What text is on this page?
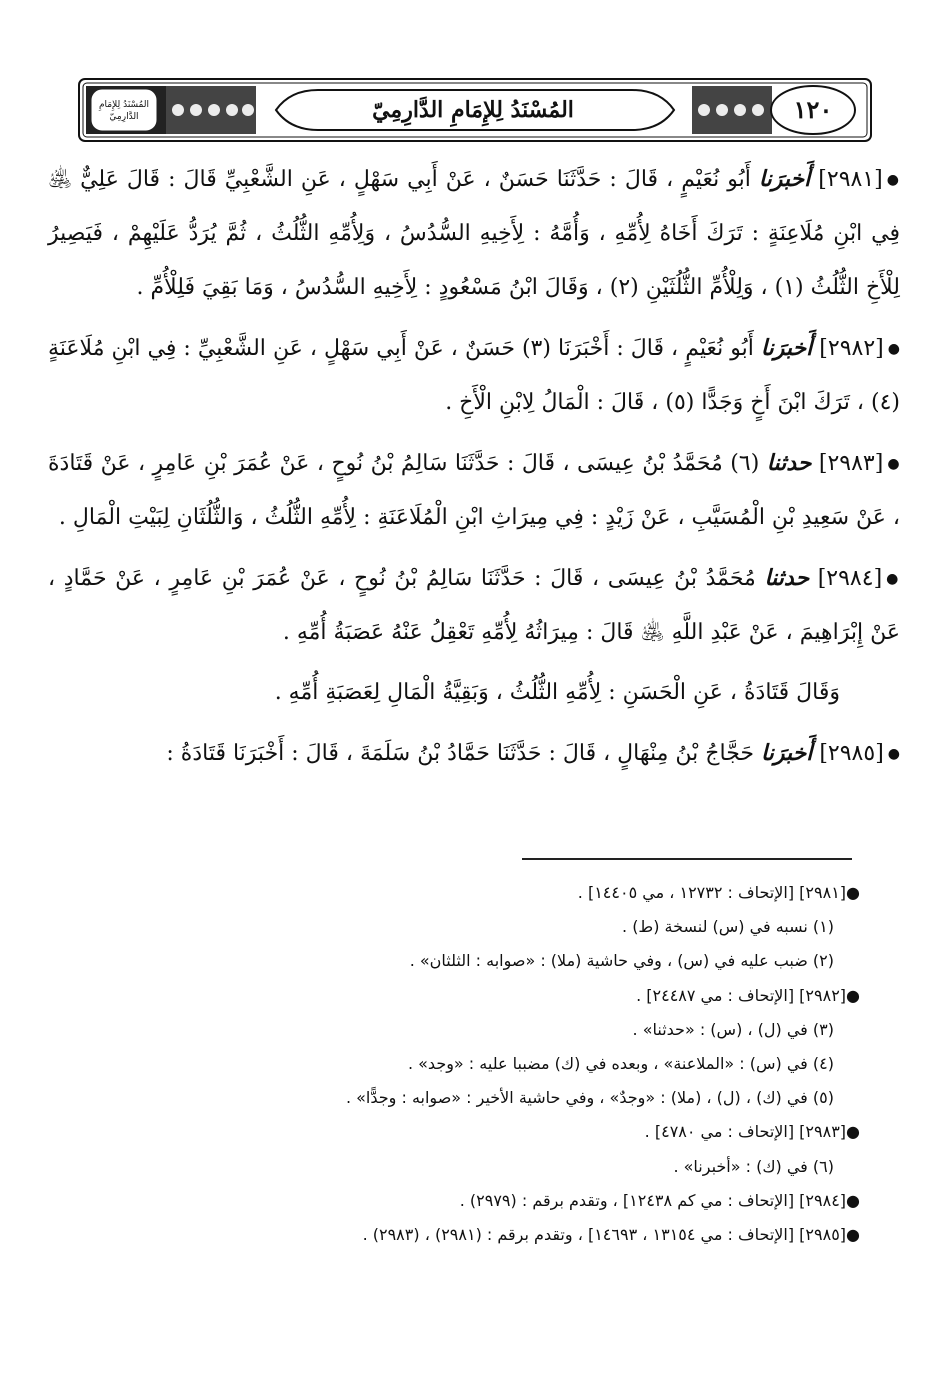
المُسْنَدُ لِلإِمَامِ الدَّارِمِيّ	المُسْنَدُ لِلإِمَامِ الدَّارِمِيّ	١٢٠

●[٢٩٨١] أَخبرَنا أَبُو نُعَيْمٍ ، قَالَ : حَدَّثَنَا حَسَنٌ ، عَنْ أَبِي سَهْلٍ ، عَنِ الشَّعْبِيِّ قَالَ : قَالَ عَلِيٌّ ﵁ فِي ابْنِ مُلَاعِنَةٍ : تَرَكَ أَخَاهُ لِأُمِّهِ ، وَأُمَّهُ : لِأَخِيهِ السُّدُسُ ، وَلِأُمِّهِ الثُّلُثُ ، ثُمَّ يُرَدُّ عَلَيْهِمْ ، فَيَصِيرُ لِلْأَخِ الثُّلُثُ (١) ، وَلِلْأُمِّ الثُّلُثَيْنِ (٢) ، وَقَالَ ابْنُ مَسْعُودٍ : لِأَخِيهِ السُّدُسُ ، وَمَا بَقِيَ فَلِلْأُمِّ .

●[٢٩٨٢] أَخبرَنا أَبُو نُعَيْمٍ ، قَالَ : أَخْبَرَنَا (٣) حَسَنٌ ، عَنْ أَبِي سَهْلٍ ، عَنِ الشَّعْبِيِّ : فِي ابْنِ مُلَاعَنَةٍ (٤) ، تَرَكَ ابْنَ أَخٍ وَجَدًّا (٥) ، قَالَ : الْمَالُ لِابْنِ الْأَخِ .

●[٢٩٨٣] حدثنا (٦) مُحَمَّدُ بْنُ عِيسَى ، قَالَ : حَدَّثَنَا سَالِمُ بْنُ نُوحٍ ، عَنْ عُمَرَ بْنِ عَامِرٍ ، عَنْ قَتَادَةَ ، عَنْ سَعِيدِ بْنِ الْمُسَيَّبِ ، عَنْ زَيْدٍ : فِي مِيرَاثِ ابْنِ الْمُلَاعَنَةِ : لِأُمِّهِ الثُّلُثُ ، وَالثُّلُثَانِ لِبَيْتِ الْمَالِ .

●[٢٩٨٤] حدثنا مُحَمَّدُ بْنُ عِيسَى ، قَالَ : حَدَّثَنَا سَالِمُ بْنُ نُوحٍ ، عَنْ عُمَرَ بْنِ عَامِرٍ ، عَنْ حَمَّادٍ ، عَنْ إِبْرَاهِيمَ ، عَنْ عَبْدِ اللَّهِ ﵁ قَالَ : مِيرَاثُهُ لِأُمِّهِ تَعْقِلُ عَنْهُ عَصَبَةُ أُمِّهِ .

وَقَالَ قَتَادَةُ ، عَنِ الْحَسَنِ : لِأُمِّهِ الثُّلُثُ ، وَبَقِيَّةُ الْمَالِ لِعَصَبَةِ أُمِّهِ .

●[٢٩٨٥] أَخبرَنا حَجَّاجُ بْنُ مِنْهَالٍ ، قَالَ : حَدَّثَنَا حَمَّادُ بْنُ سَلَمَةَ ، قَالَ : أَخْبَرَنَا قَتَادَةُ :

●[٢٩٨١] [الإتحاف : ١٢٧٣٢ ، مي ١٤٤٠٥] .
(١) نسبه في (س) لنسخة (ط) .
(٢) ضبب عليه في (س) ، وفي حاشية (ملا) : «صوابه : الثلثان» .
●[٢٩٨٢] [الإتحاف : مي ٢٤٤٨٧] .
(٣) في (ل) ، (س) : «حدثنا» .
(٤) في (س) : «الملاعنة» ، وبعده في (ك) مضببا عليه : «وجد» .
(٥) في (ك) ، (ل) ، (ملا) : «وجدٌ» ، وفي حاشية الأخير : «صوابه : وجدًّا» .
●[٢٩٨٣] [الإتحاف : مي ٤٧٨٠] .
(٦) في (ك) : «أخبرنا» .
●[٢٩٨٤] [الإتحاف : مي كم ١٢٤٣٨] ، وتقدم برقم : (٢٩٧٩) .
●[٢٩٨٥] [الإتحاف : مي ١٣١٥٤ ، ١٤٦٩٣] ، وتقدم برقم : (٢٩٨١) ، (٢٩٨٣) .
